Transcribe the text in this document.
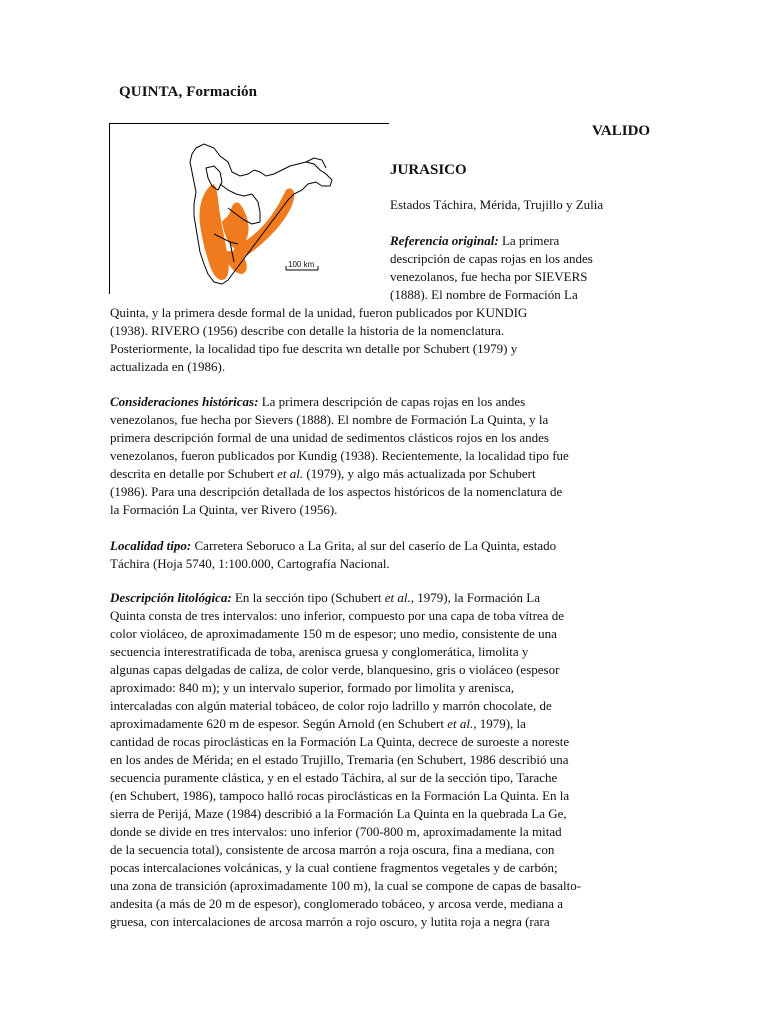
QUINTA, Formación
VALIDO
JURASICO
Estados Táchira, Mérida, Trujillo y Zulia
100 km
Referencia original: La primera
descripción de capas rojas en los andes
venezolanos, fue hecha por SIEVERS
(1888). El nombre de Formación La
Quinta, y la primera desde formal de la unidad, fueron publicados por KUNDIG
(1938). RIVERO (1956) describe con detalle la historia de la nomenclatura.
Posteriormente, la localidad tipo fue descrita wn detalle por Schubert (1979) y
actualizada en (1986).
Consideraciones históricas: La primera descripción de capas rojas en los andes
venezolanos, fue hecha por Sievers (1888). El nombre de Formación La Quinta, y la
primera descripción formal de una unidad de sedimentos clásticos rojos en los andes
venezolanos, fueron publicados por Kundig (1938). Recientemente, la localidad tipo fue
descrita en detalle por Schubert et al. (1979), y algo más actualizada por Schubert
(1986). Para una descripción detallada de los aspectos históricos de la nomenclatura de
la Formación La Quinta, ver Rivero (1956).
Localidad tipo: Carretera Seboruco a La Grita, al sur del caserío de La Quinta, estado
Táchira (Hoja 5740, 1:100.000, Cartografía Nacional.
Descripción litológica: En la sección tipo (Schubert et al., 1979), la Formación La
Quinta consta de tres intervalos: uno inferior, compuesto por una capa de toba vítrea de
color violáceo, de aproximadamente 150 m de espesor; uno medio, consistente de una
secuencia interestratificada de toba, arenisca gruesa y conglomerática, limolita y
algunas capas delgadas de caliza, de color verde, blanquesino, gris o violáceo (espesor
aproximado: 840 m); y un intervalo superior, formado por limolita y arenisca,
intercaladas con algún material tobáceo, de color rojo ladrillo y marrón chocolate, de
aproximadamente 620 m de espesor. Según Arnold (en Schubert et al., 1979), la
cantidad de rocas piroclásticas en la Formación La Quinta, decrece de suroeste a noreste
en los andes de Mérida; en el estado Trujillo, Tremaria (en Schubert, 1986 describió una
secuencia puramente clástica, y en el estado Táchira, al sur de la sección tipo, Tarache
(en Schubert, 1986), tampoco halló rocas piroclásticas en la Formación La Quinta. En la
sierra de Perijá, Maze (1984) describió a la Formación La Quinta en la quebrada La Ge,
donde se divide en tres intervalos: uno inferior (700-800 m, aproximadamente la mitad
de la secuencia total), consistente de arcosa marrón a roja oscura, fina a mediana, con
pocas intercalaciones volcánicas, y la cual contiene fragmentos vegetales y de carbón;
una zona de transición (aproximadamente 100 m), la cual se compone de capas de basalto-
andesita (a más de 20 m de espesor), conglomerado tobáceo, y arcosa verde, mediana a
gruesa, con intercalaciones de arcosa marrón a rojo oscuro, y lutita roja a negra (rara
